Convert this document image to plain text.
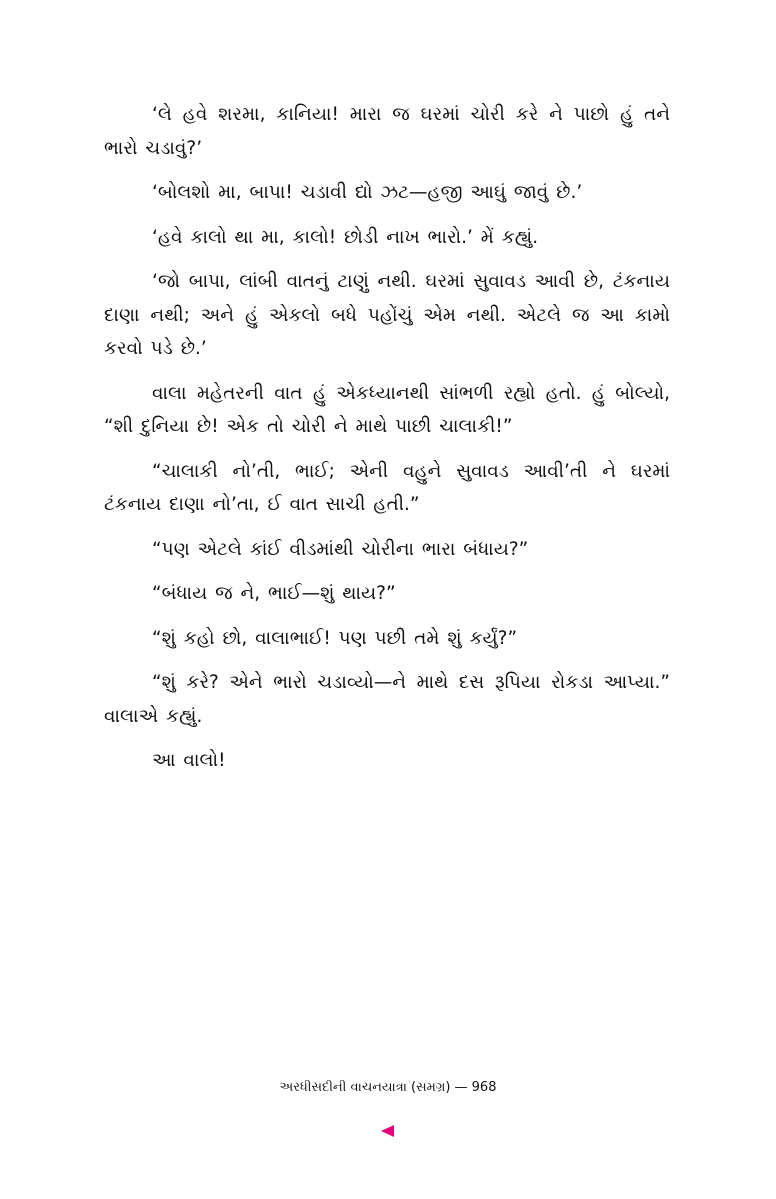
‘લે હવે શરમા, કાનિયા! મારા જ ઘરમાં ચોરી કરે ને પાછો હું તને ભારો ચડાવું?’

‘બોલશો મા, બાપા! ચડાવી દ્યો ઝટ—હજી આઘું જાવું છે.’

‘હવે કાલો થા મા, કાલો! છોડી નાખ ભારો.’ મેં કહ્યું.

‘જો બાપા, લાંબી વાતનું ટાણું નથી. ઘરમાં સુવાવડ આવી છે, ટંકનાય દાણા નથી; અને હું એકલો બધે પહોંચું એમ નથી. એટલે જ આ કામો કરવો પડે છે.’

વાલા મહેતરની વાત હું એકધ્યાનથી સાંભળી રહ્યો હતો. હું બોલ્યો, “શી દુનિયા છે! એક તો ચોરી ને માથે પાછી ચાલાકી!”

“ચાલાકી નો’તી, ભાઈ; એની વહુને સુવાવડ આવી’તી ને ઘરમાં ટંકનાય દાણા નો’તા, ઈ વાત સાચી હતી.”

“પણ એટલે કાંઈ વીડમાંથી ચોરીના ભારા બંધાય?”

“બંધાય જ ને, ભાઈ—શું થાય?”

“શું કહો છો, વાલાભાઈ! પણ પછી તમે શું કર્યું?”

“શું કરે? એને ભારો ચડાવ્યો—ને માથે દસ રૂપિયા રોકડા આપ્યા.” વાલાએ કહ્યું.

આ વાલો!

અરધીસદીની વાચનયાત્રા (સમગ્ર) — 968
